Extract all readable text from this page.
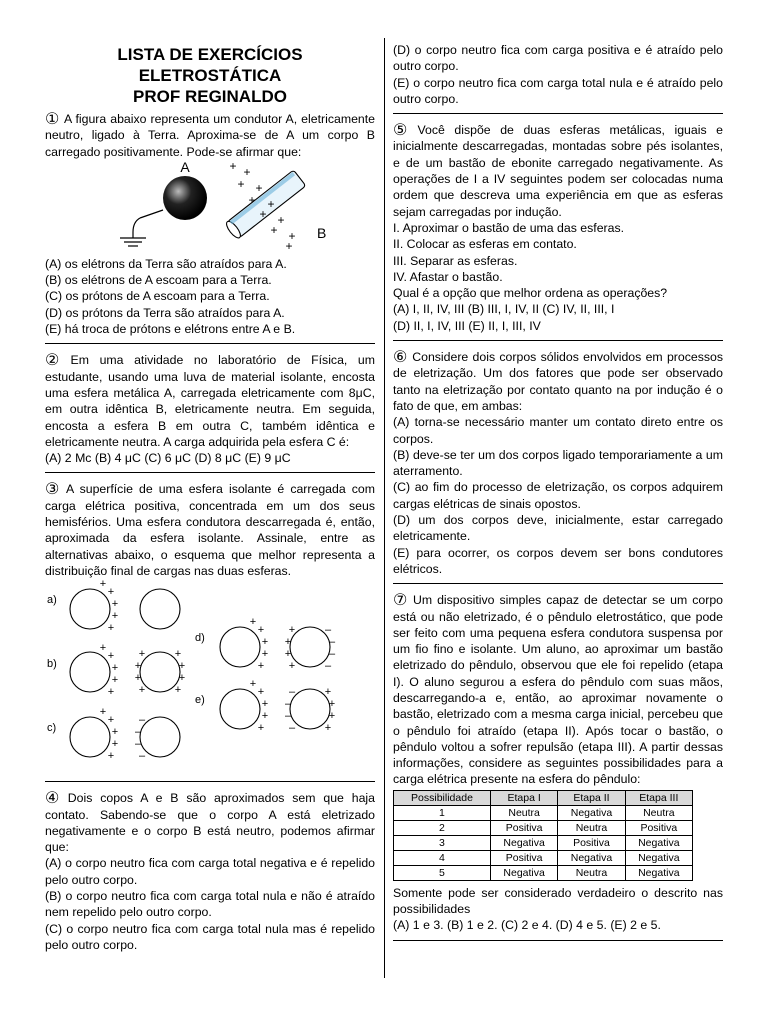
LISTA DE EXERCÍCIOS
ELETROSTÁTICA
PROF REGINALDO

① A figura abaixo representa um condutor A, eletricamente neutro, ligado à Terra. Aproxima-se de A um corpo B carregado positivamente. Pode-se afirmar que:

A	+ +
+ +
+ +
+ +
+ +
+
B

(A) os elétrons da Terra são atraídos para A.

(B) os elétrons de A escoam para a Terra.

(C) os prótons de A escoam para a Terra.

(D) os prótons da Terra são atraídos para A.

(E) há troca de prótons e elétrons entre A e B.

② Em uma atividade no laboratório de Física, um estudante, usando uma luva de material isolante, encosta uma esfera metálica A, carregada eletricamente com 8μC, em outra idêntica B, eletricamente neutra. Em seguida, encosta a esfera B em outra C, também idêntica e eletricamente neutra. A carga adquirida pela esfera C é:

(A) 2 Mc (B) 4 μC (C) 6 μC (D) 8 μC (E) 9 μC

③ A superfície de uma esfera isolante é carregada com carga elétrica positiva, concentrada em um dos seus hemisférios. Uma esfera condutora descarregada é, então, aproximada da esfera isolante. Assinale, entre as alternativas abaixo, o esquema que melhor representa a distribuição final de cargas nas duas esferas.

a)
b)
c)
d)
e)
+
+
+
+
+
+
+
+
+
+
+
+
+
+
+
+
+
+
+
+
+
+
+
–
–
–
–
+
+
+
+
+
+
+
+
+
–
–
–
–
+
+
+
+
+
–
–
–
–
+
+
+
+

④ Dois copos A e B são aproximados sem que haja contato. Sabendo-se que o corpo A está eletrizado negativamente e o corpo B está neutro, podemos afirmar que:

(A) o corpo neutro fica com carga total negativa e é repelido pelo outro corpo.

(B) o corpo neutro fica com carga total nula e não é atraído nem repelido pelo outro corpo.

(C) o corpo neutro fica com carga total nula mas é repelido pelo outro corpo.

(D) o corpo neutro fica com carga positiva e é atraído pelo outro corpo.

(E) o corpo neutro fica com carga total nula e é atraído pelo outro corpo.

⑤ Você dispõe de duas esferas metálicas, iguais e inicialmente descarregadas, montadas sobre pés isolantes, e de um bastão de ebonite carregado negativamente. As operações de I a IV seguintes podem ser colocadas numa ordem que descreva uma experiência em que as esferas sejam carregadas por indução.

I. Aproximar o bastão de uma das esferas.

II. Colocar as esferas em contato.

III. Separar as esferas.

IV. Afastar o bastão.

Qual é a opção que melhor ordena as operações?

(A) I, II, IV, III (B) III, I, IV, II (C) IV, II, III, I

(D) II, I, IV, III (E) II, I, III, IV

⑥ Considere dois corpos sólidos envolvidos em processos de eletrização. Um dos fatores que pode ser observado tanto na eletrização por contato quanto na por indução é o fato de que, em ambas:

(A) torna-se necessário manter um contato direto entre os corpos.

(B) deve-se ter um dos corpos ligado temporariamente a um aterramento.

(C) ao fim do processo de eletrização, os corpos adquirem cargas elétricas de sinais opostos.

(D) um dos corpos deve, inicialmente, estar carregado eletricamente.

(E) para ocorrer, os corpos devem ser bons condutores elétricos.

⑦ Um dispositivo simples capaz de detectar se um corpo está ou não eletrizado, é o pêndulo eletrostático, que pode ser feito com uma pequena esfera condutora suspensa por um fio fino e isolante. Um aluno, ao aproximar um bastão eletrizado do pêndulo, observou que ele foi repelido (etapa I). O aluno segurou a esfera do pêndulo com suas mãos, descarregando-a e, então, ao aproximar novamente o bastão, eletrizado com a mesma carga inicial, percebeu que o pêndulo foi atraído (etapa II). Após tocar o bastão, o pêndulo voltou a sofrer repulsão (etapa III). A partir dessas informações, considere as seguintes possibilidades para a carga elétrica presente na esfera do pêndulo:

Possibilidade	Etapa I	Etapa II	Etapa III
1	Neutra	Negativa	Neutra
2	Positiva	Neutra	Positiva
3	Negativa	Positiva	Negativa
4	Positiva	Negativa	Negativa
5	Negativa	Neutra	Negativa

Somente pode ser considerado verdadeiro o descrito nas possibilidades

(A) 1 e 3. (B) 1 e 2. (C) 2 e 4. (D) 4 e 5. (E) 2 e 5.
